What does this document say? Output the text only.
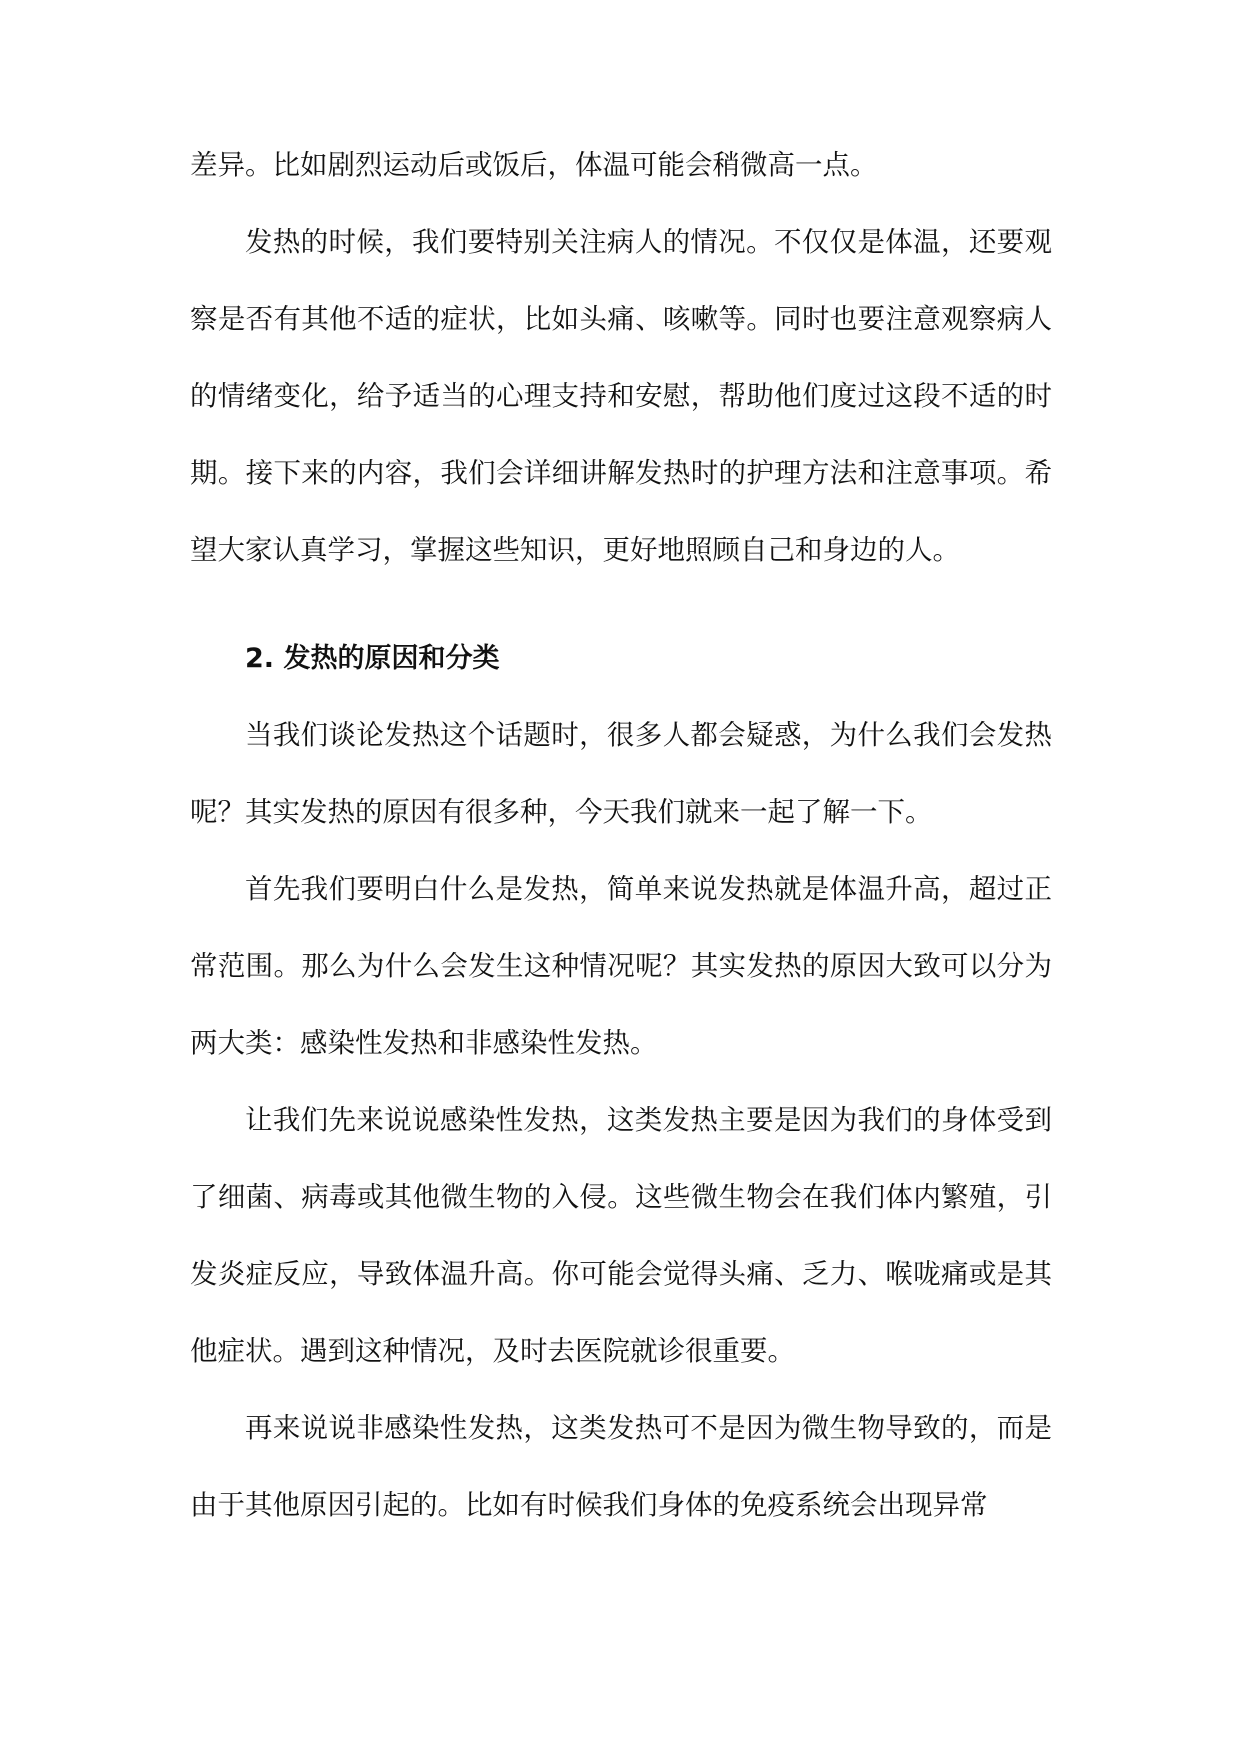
差异。比如剧烈运动后或饭后，体温可能会稍微高一点。

发热的时候，我们要特别关注病人的情况。不仅仅是体温，还要观察是否有其他不适的症状，比如头痛、咳嗽等。同时也要注意观察病人的情绪变化，给予适当的心理支持和安慰，帮助他们度过这段不适的时期。接下来的内容，我们会详细讲解发热时的护理方法和注意事项。希望大家认真学习，掌握这些知识，更好地照顾自己和身边的人。

2. 发热的原因和分类

当我们谈论发热这个话题时，很多人都会疑惑，为什么我们会发热呢？其实发热的原因有很多种，今天我们就来一起了解一下。

首先我们要明白什么是发热，简单来说发热就是体温升高，超过正常范围。那么为什么会发生这种情况呢？其实发热的原因大致可以分为两大类：感染性发热和非感染性发热。

让我们先来说说感染性发热，这类发热主要是因为我们的身体受到了细菌、病毒或其他微生物的入侵。这些微生物会在我们体内繁殖，引发炎症反应，导致体温升高。你可能会觉得头痛、乏力、喉咙痛或是其他症状。遇到这种情况，及时去医院就诊很重要。

再来说说非感染性发热，这类发热可不是因为微生物导致的，而是由于其他原因引起的。比如有时候我们身体的免疫系统会出现异常
